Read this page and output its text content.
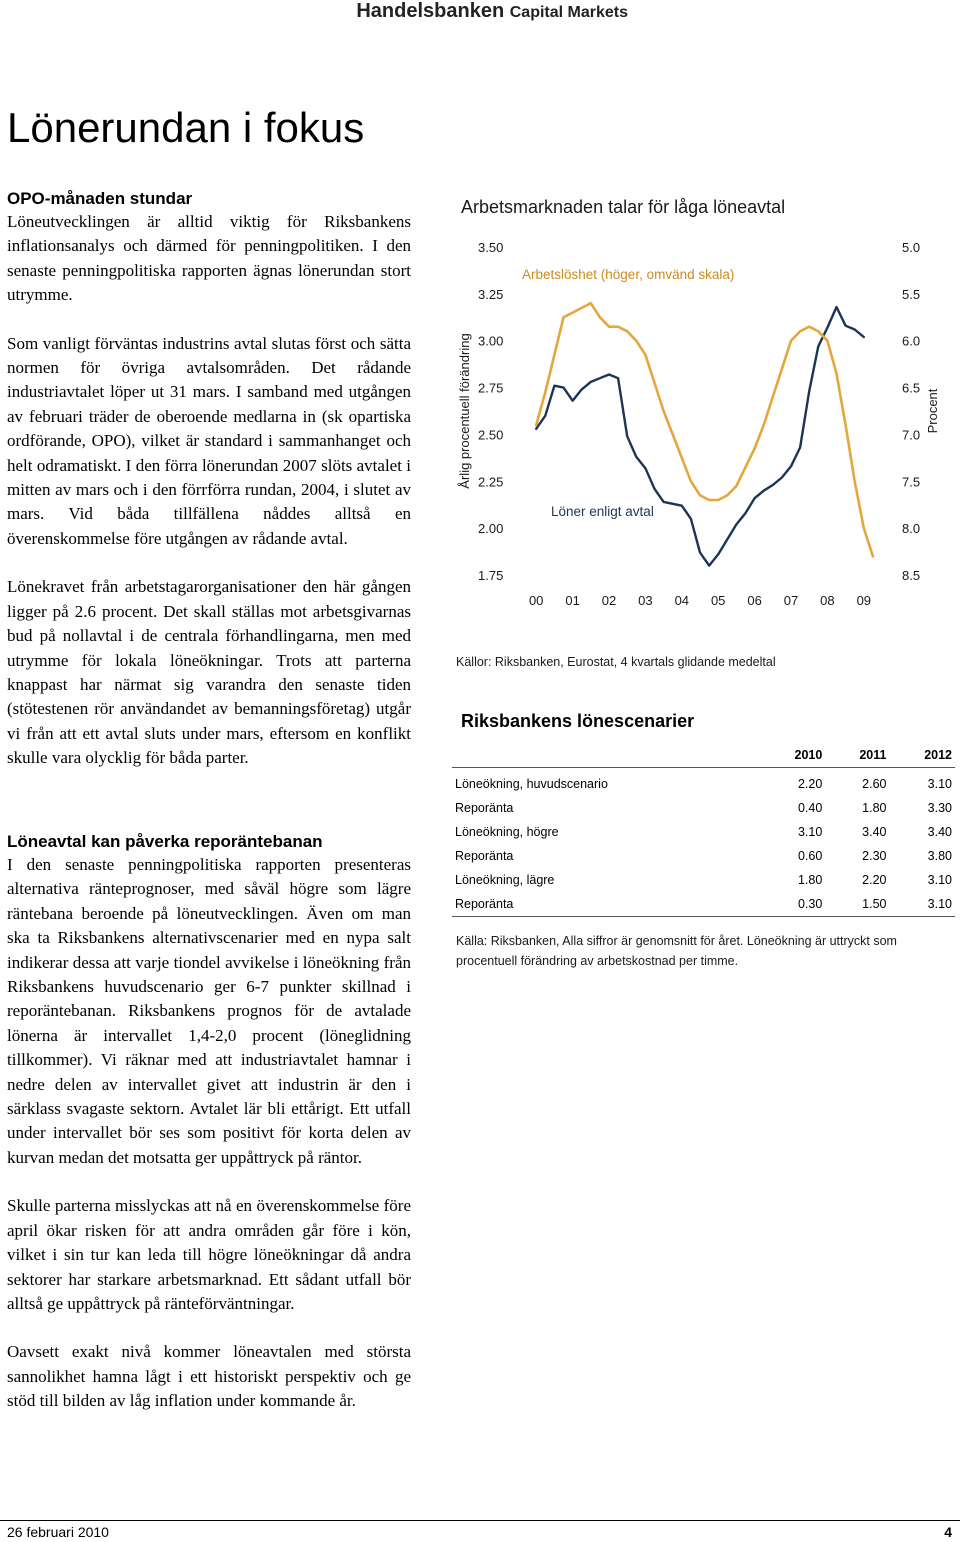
Handelsbanken Capital Markets
Lönerundan i fokus
OPO-månaden stundar

Löneutvecklingen är alltid viktig för Riksbankens inflationsanalys och därmed för penningpolitiken. I den senaste penningpolitiska rapporten ägnas lönerundan stort utrymme.

Som vanligt förväntas industrins avtal slutas först och sätta normen för övriga avtalsområden. Det rådande industriavtalet löper ut 31 mars. I samband med utgången av februari träder de oberoende medlarna in (sk opartiska ordförande, OPO), vilket är standard i sammanhanget och helt odramatiskt. I den förra lönerundan 2007 slöts avtalet i mitten av mars och i den förrförra rundan, 2004, i slutet av mars. Vid båda tillfällena nåddes alltså en överenskommelse före utgången av rådande avtal.

Lönekravet från arbetstagarorganisationer den här gången ligger på 2.6 procent. Det skall ställas mot arbetsgivarnas bud på nollavtal i de centrala förhandlingarna, men med utrymme för lokala löneökningar. Trots att parterna knappast har närmat sig varandra den senaste tiden (stötestenen rör användandet av bemanningsföretag) utgår vi från att ett avtal sluts under mars, eftersom en konflikt skulle vara olycklig för båda parter.

Löneavtal kan påverka reporäntebanan

I den senaste penningpolitiska rapporten presenteras alternativa ränteprognoser, med såväl högre som lägre räntebana beroende på löneutvecklingen. Även om man ska ta Riksbankens alternativscenarier med en nypa salt indikerar dessa att varje tiondel avvikelse i löneökning från Riksbankens huvudscenario ger 6-7 punkter skillnad i reporäntebanan. Riksbankens prognos för de avtalade lönerna är intervallet 1,4-2,0 procent (löneglidning tillkommer). Vi räknar med att industriavtalet hamnar i nedre delen av intervallet givet att industrin är den i särklass svagaste sektorn. Avtalet lär bli ettårigt. Ett utfall under intervallet bör ses som positivt för korta delen av kurvan medan det motsatta ger uppåttryck på räntor.

Skulle parterna misslyckas att nå en överenskommelse före april ökar risken för att andra områden går före i kön, vilket i sin tur kan leda till högre löneökningar då andra sektorer har starkare arbetsmarknad. Ett sådant utfall bör alltså ge uppåttryck på ränteförväntningar.

Oavsett exakt nivå kommer löneavtalen med största sannolikhet hamna lågt i ett historiskt perspektiv och ge stöd till bilden av låg inflation under kommande år.

Arbetsmarknaden talar för låga löneavtal
1.75
2.00
2.25
2.50
2.75
3.00
3.25
3.50	5.0
5.5
6.0
6.5
7.0
7.5
8.0
8.5
00 01 02 03 04 05 06 07 08 09
Årlig procentuell förändring	Procent
Arbetslöshet (höger, omvänd skala)
Löner enligt avtal
Källor: Riksbanken, Eurostat, 4 kvartals glidande medeltal
Riksbankens lönescenarier
	2010	2011	2012
Löneökning, huvudscenario	2.20	2.60	3.10
Reporänta	0.40	1.80	3.30
Löneökning, högre	3.10	3.40	3.40
Reporänta	0.60	2.30	3.80
Löneökning, lägre	1.80	2.20	3.10
Reporänta	0.30	1.50	3.10
Källa: Riksbanken, Alla siffror är genomsnitt för året. Löneökning är uttryckt som procentuell förändring av arbetskostnad per timme.
26 februari 2010	4
